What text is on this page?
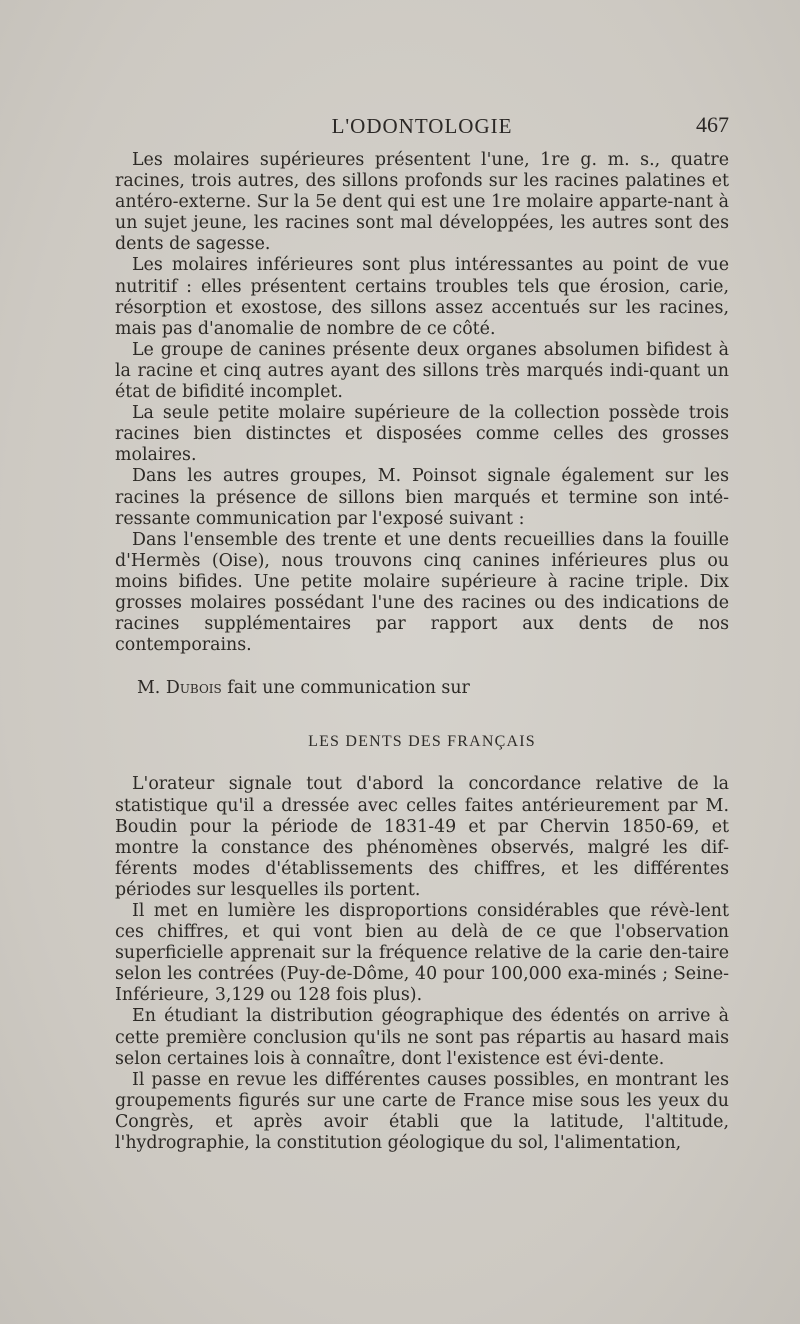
L'ODONTOLOGIE	467

Les molaires supérieures présentent l'une, 1re g. m. s., quatre racines, trois autres, des sillons profonds sur les racines palatines et antéro-externe. Sur la 5e dent qui est une 1re molaire apparte-nant à un sujet jeune, les racines sont mal développées, les autres sont des dents de sagesse.

Les molaires inférieures sont plus intéressantes au point de vue nutritif : elles présentent certains troubles tels que érosion, carie, résorption et exostose, des sillons assez accentués sur les racines, mais pas d'anomalie de nombre de ce côté.

Le groupe de canines présente deux organes absolumen bifidest à la racine et cinq autres ayant des sillons très marqués indi-quant un état de bifidité incomplet.

La seule petite molaire supérieure de la collection possède trois racines bien distinctes et disposées comme celles des grosses molaires.

Dans les autres groupes, M. Poinsot signale également sur les racines la présence de sillons bien marqués et termine son inté-ressante communication par l'exposé suivant :

Dans l'ensemble des trente et une dents recueillies dans la fouille d'Hermès (Oise), nous trouvons cinq canines inférieures plus ou moins bifides. Une petite molaire supérieure à racine triple. Dix grosses molaires possédant l'une des racines ou des indications de racines supplémentaires par rapport aux dents de nos contemporains.

M. Dubois fait une communication sur

LES DENTS DES FRANÇAIS

L'orateur signale tout d'abord la concordance relative de la statistique qu'il a dressée avec celles faites antérieurement par M. Boudin pour la période de 1831-49 et par Chervin 1850-69, et montre la constance des phénomènes observés, malgré les dif-férents modes d'établissements des chiffres, et les différentes périodes sur lesquelles ils portent.

Il met en lumière les disproportions considérables que révè-lent ces chiffres, et qui vont bien au delà de ce que l'observation superficielle apprenait sur la fréquence relative de la carie den-taire selon les contrées (Puy-de-Dôme, 40 pour 100,000 exa-minés ; Seine-Inférieure, 3,129 ou 128 fois plus).

En étudiant la distribution géographique des édentés on arrive à cette première conclusion qu'ils ne sont pas répartis au hasard mais selon certaines lois à connaître, dont l'existence est évi-dente.

Il passe en revue les différentes causes possibles, en montrant les groupements figurés sur une carte de France mise sous les yeux du Congrès, et après avoir établi que la latitude, l'altitude, l'hydrographie, la constitution géologique du sol, l'alimentation,
